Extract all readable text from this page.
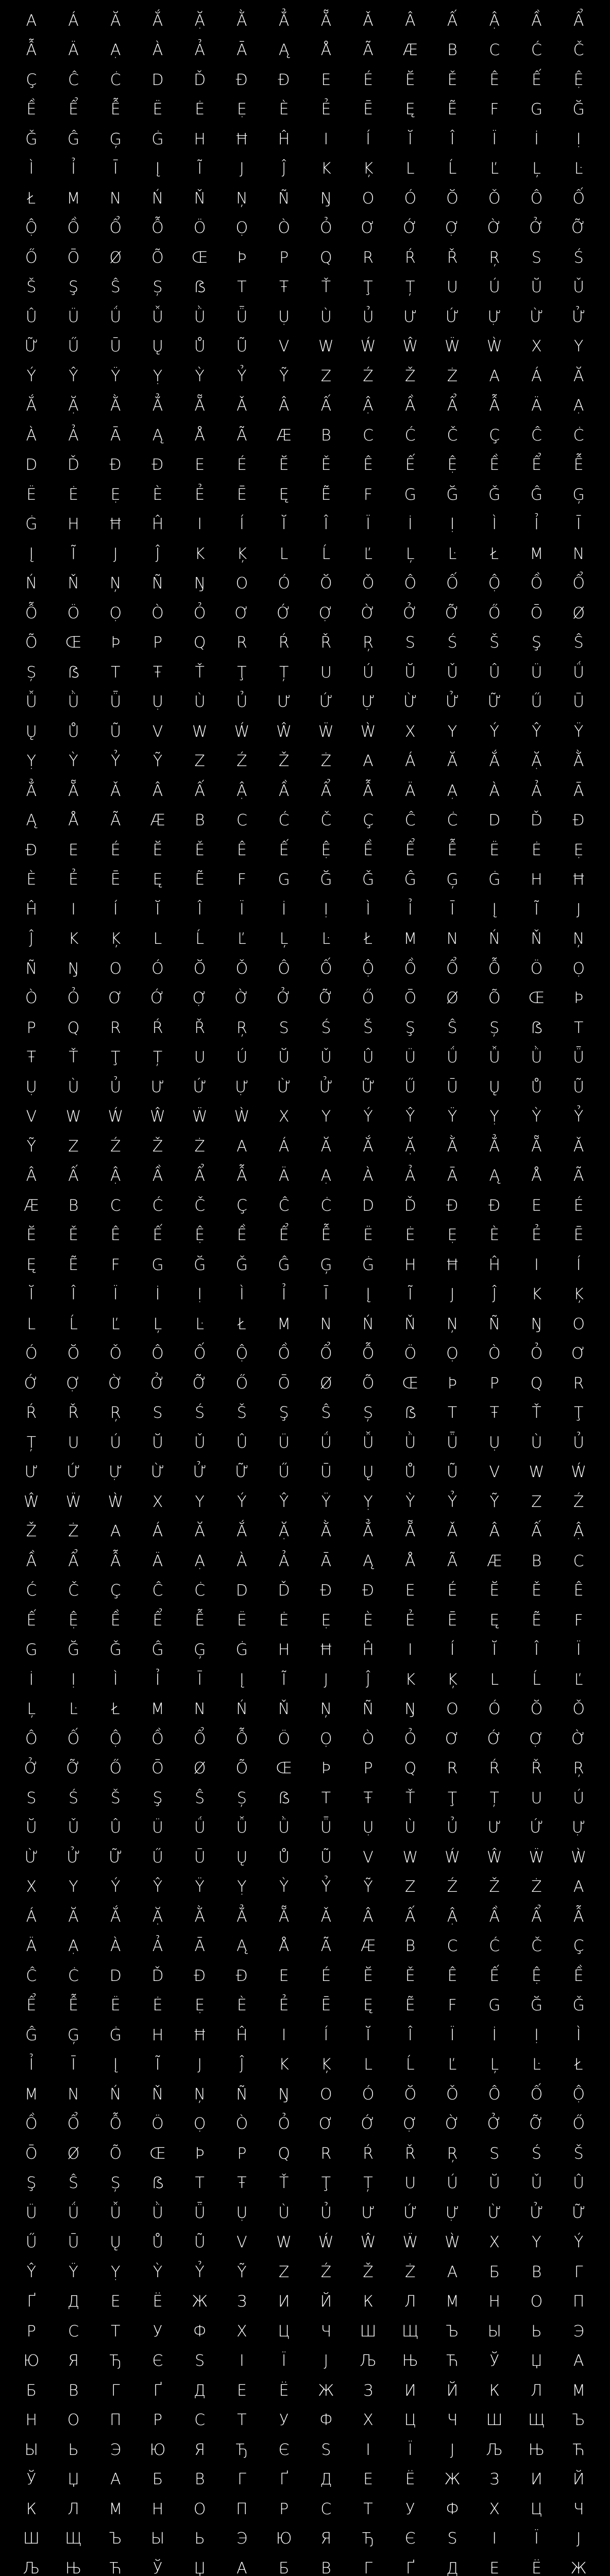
A	Á	Ă	Ắ	Ặ	Ằ	Ẳ	Ẵ	Ǎ	Â	Ấ	Ậ	Ầ	Ẩ
Ẫ	Ä	Ạ	À	Ả	Ā	Ą	Å	Ã	Æ	B	C	Ć	Č
Ç	Ĉ	Ċ	D	Ď	Đ	Ð	E	É	Ĕ	Ě	Ê	Ế	Ệ
Ề	Ể	Ễ	Ë	Ė	Ẹ	È	Ẻ	Ē	Ę	Ẽ	F	G	Ğ
Ǧ	Ĝ	Ģ	Ġ	H	Ħ	Ĥ	I	Í	Ĭ	Î	Ï	İ	Ị
Ì	Ỉ	Ī	Į	Ĩ	J	Ĵ	K	Ķ	L	Ĺ	Ľ	Ļ	Ŀ
Ł	M	N	Ń	Ň	Ņ	Ñ	Ŋ	O	Ó	Ŏ	Ǒ	Ô	Ố
Ộ	Ồ	Ổ	Ỗ	Ö	Ọ	Ò	Ỏ	Ơ	Ớ	Ợ	Ờ	Ở	Ỡ
Ő	Ō	Ø	Õ	Œ	Þ	P	Q	R	Ŕ	Ř	Ŗ	S	Ś
Š	Ş	Ŝ	Ș	ẞ	T	Ŧ	Ť	Ţ	Ț	U	Ú	Ŭ	Ǔ
Û	Ü	Ǘ	Ǚ	Ǜ	Ǖ	Ụ	Ù	Ủ	Ư	Ứ	Ự	Ừ	Ử
Ữ	Ű	Ū	Ų	Ů	Ũ	V	W	Ẃ	Ŵ	Ẅ	Ẁ	X	Y
Ý	Ŷ	Ÿ	Ỵ	Ỳ	Ỷ	Ỹ	Z	Ź	Ž	Ż	A	Á	Ă
Ắ	Ặ	Ằ	Ẳ	Ẵ	Ǎ	Â	Ấ	Ậ	Ầ	Ẩ	Ẫ	Ä	Ạ
À	Ả	Ā	Ą	Å	Ã	Æ	B	C	Ć	Č	Ç	Ĉ	Ċ
D	Ď	Đ	Ð	E	É	Ĕ	Ě	Ê	Ế	Ệ	Ề	Ể	Ễ
Ë	Ė	Ẹ	È	Ẻ	Ē	Ę	Ẽ	F	G	Ğ	Ǧ	Ĝ	Ģ
Ġ	H	Ħ	Ĥ	I	Í	Ĭ	Î	Ï	İ	Ị	Ì	Ỉ	Ī
Į	Ĩ	J	Ĵ	K	Ķ	L	Ĺ	Ľ	Ļ	Ŀ	Ł	M	N
Ń	Ň	Ņ	Ñ	Ŋ	O	Ó	Ŏ	Ǒ	Ô	Ố	Ộ	Ồ	Ổ
Ỗ	Ö	Ọ	Ò	Ỏ	Ơ	Ớ	Ợ	Ờ	Ở	Ỡ	Ő	Ō	Ø
Õ	Œ	Þ	P	Q	R	Ŕ	Ř	Ŗ	S	Ś	Š	Ş	Ŝ
Ș	ẞ	T	Ŧ	Ť	Ţ	Ț	U	Ú	Ŭ	Ǔ	Û	Ü	Ǘ
Ǚ	Ǜ	Ǖ	Ụ	Ù	Ủ	Ư	Ứ	Ự	Ừ	Ử	Ữ	Ű	Ū
Ų	Ů	Ũ	V	W	Ẃ	Ŵ	Ẅ	Ẁ	X	Y	Ý	Ŷ	Ÿ
Ỵ	Ỳ	Ỷ	Ỹ	Z	Ź	Ž	Ż	A	Á	Ă	Ắ	Ặ	Ằ
Ẳ	Ẵ	Ǎ	Â	Ấ	Ậ	Ầ	Ẩ	Ẫ	Ä	Ạ	À	Ả	Ā
Ą	Å	Ã	Æ	B	C	Ć	Č	Ç	Ĉ	Ċ	D	Ď	Đ
Ð	E	É	Ĕ	Ě	Ê	Ế	Ệ	Ề	Ể	Ễ	Ë	Ė	Ẹ
È	Ẻ	Ē	Ę	Ẽ	F	G	Ğ	Ǧ	Ĝ	Ģ	Ġ	H	Ħ
Ĥ	I	Í	Ĭ	Î	Ï	İ	Ị	Ì	Ỉ	Ī	Į	Ĩ	J
Ĵ	K	Ķ	L	Ĺ	Ľ	Ļ	Ŀ	Ł	M	N	Ń	Ň	Ņ
Ñ	Ŋ	O	Ó	Ŏ	Ǒ	Ô	Ố	Ộ	Ồ	Ổ	Ỗ	Ö	Ọ
Ò	Ỏ	Ơ	Ớ	Ợ	Ờ	Ở	Ỡ	Ő	Ō	Ø	Õ	Œ	Þ
P	Q	R	Ŕ	Ř	Ŗ	S	Ś	Š	Ş	Ŝ	Ș	ẞ	T
Ŧ	Ť	Ţ	Ț	U	Ú	Ŭ	Ǔ	Û	Ü	Ǘ	Ǚ	Ǜ	Ǖ
Ụ	Ù	Ủ	Ư	Ứ	Ự	Ừ	Ử	Ữ	Ű	Ū	Ų	Ů	Ũ
V	W	Ẃ	Ŵ	Ẅ	Ẁ	X	Y	Ý	Ŷ	Ÿ	Ỵ	Ỳ	Ỷ
Ỹ	Z	Ź	Ž	Ż	A	Á	Ă	Ắ	Ặ	Ằ	Ẳ	Ẵ	Ǎ
Â	Ấ	Ậ	Ầ	Ẩ	Ẫ	Ä	Ạ	À	Ả	Ā	Ą	Å	Ã
Æ	B	C	Ć	Č	Ç	Ĉ	Ċ	D	Ď	Đ	Ð	E	É
Ĕ	Ě	Ê	Ế	Ệ	Ề	Ể	Ễ	Ë	Ė	Ẹ	È	Ẻ	Ē
Ę	Ẽ	F	G	Ğ	Ǧ	Ĝ	Ģ	Ġ	H	Ħ	Ĥ	I	Í
Ĭ	Î	Ï	İ	Ị	Ì	Ỉ	Ī	Į	Ĩ	J	Ĵ	K	Ķ
L	Ĺ	Ľ	Ļ	Ŀ	Ł	M	N	Ń	Ň	Ņ	Ñ	Ŋ	O
Ó	Ŏ	Ǒ	Ô	Ố	Ộ	Ồ	Ổ	Ỗ	Ö	Ọ	Ò	Ỏ	Ơ
Ớ	Ợ	Ờ	Ở	Ỡ	Ő	Ō	Ø	Õ	Œ	Þ	P	Q	R
Ŕ	Ř	Ŗ	S	Ś	Š	Ş	Ŝ	Ș	ẞ	T	Ŧ	Ť	Ţ
Ț	U	Ú	Ŭ	Ǔ	Û	Ü	Ǘ	Ǚ	Ǜ	Ǖ	Ụ	Ù	Ủ
Ư	Ứ	Ự	Ừ	Ử	Ữ	Ű	Ū	Ų	Ů	Ũ	V	W	Ẃ
Ŵ	Ẅ	Ẁ	X	Y	Ý	Ŷ	Ÿ	Ỵ	Ỳ	Ỷ	Ỹ	Z	Ź
Ž	Ż	A	Á	Ă	Ắ	Ặ	Ằ	Ẳ	Ẵ	Ǎ	Â	Ấ	Ậ
Ầ	Ẩ	Ẫ	Ä	Ạ	À	Ả	Ā	Ą	Å	Ã	Æ	B	C
Ć	Č	Ç	Ĉ	Ċ	D	Ď	Đ	Ð	E	É	Ĕ	Ě	Ê
Ế	Ệ	Ề	Ể	Ễ	Ë	Ė	Ẹ	È	Ẻ	Ē	Ę	Ẽ	F
G	Ğ	Ǧ	Ĝ	Ģ	Ġ	H	Ħ	Ĥ	I	Í	Ĭ	Î	Ï
İ	Ị	Ì	Ỉ	Ī	Į	Ĩ	J	Ĵ	K	Ķ	L	Ĺ	Ľ
Ļ	Ŀ	Ł	M	N	Ń	Ň	Ņ	Ñ	Ŋ	O	Ó	Ŏ	Ǒ
Ô	Ố	Ộ	Ồ	Ổ	Ỗ	Ö	Ọ	Ò	Ỏ	Ơ	Ớ	Ợ	Ờ
Ở	Ỡ	Ő	Ō	Ø	Õ	Œ	Þ	P	Q	R	Ŕ	Ř	Ŗ
S	Ś	Š	Ş	Ŝ	Ș	ẞ	T	Ŧ	Ť	Ţ	Ț	U	Ú
Ŭ	Ǔ	Û	Ü	Ǘ	Ǚ	Ǜ	Ǖ	Ụ	Ù	Ủ	Ư	Ứ	Ự
Ừ	Ử	Ữ	Ű	Ū	Ų	Ů	Ũ	V	W	Ẃ	Ŵ	Ẅ	Ẁ
X	Y	Ý	Ŷ	Ÿ	Ỵ	Ỳ	Ỷ	Ỹ	Z	Ź	Ž	Ż	A
Á	Ă	Ắ	Ặ	Ằ	Ẳ	Ẵ	Ǎ	Â	Ấ	Ậ	Ầ	Ẩ	Ẫ
Ä	Ạ	À	Ả	Ā	Ą	Å	Ã	Æ	B	C	Ć	Č	Ç
Ĉ	Ċ	D	Ď	Đ	Ð	E	É	Ĕ	Ě	Ê	Ế	Ệ	Ề
Ể	Ễ	Ë	Ė	Ẹ	È	Ẻ	Ē	Ę	Ẽ	F	G	Ğ	Ǧ
Ĝ	Ģ	Ġ	H	Ħ	Ĥ	I	Í	Ĭ	Î	Ï	İ	Ị	Ì
Ỉ	Ī	Į	Ĩ	J	Ĵ	K	Ķ	L	Ĺ	Ľ	Ļ	Ŀ	Ł
M	N	Ń	Ň	Ņ	Ñ	Ŋ	O	Ó	Ŏ	Ǒ	Ô	Ố	Ộ
Ồ	Ổ	Ỗ	Ö	Ọ	Ò	Ỏ	Ơ	Ớ	Ợ	Ờ	Ở	Ỡ	Ő
Ō	Ø	Õ	Œ	Þ	P	Q	R	Ŕ	Ř	Ŗ	S	Ś	Š
Ş	Ŝ	Ș	ẞ	T	Ŧ	Ť	Ţ	Ț	U	Ú	Ŭ	Ǔ	Û
Ü	Ǘ	Ǚ	Ǜ	Ǖ	Ụ	Ù	Ủ	Ư	Ứ	Ự	Ừ	Ử	Ữ
Ű	Ū	Ų	Ů	Ũ	V	W	Ẃ	Ŵ	Ẅ	Ẁ	X	Y	Ý
Ŷ	Ÿ	Ỵ	Ỳ	Ỷ	Ỹ	Z	Ź	Ž	Ż	А	Б	В	Г
Ґ	Д	Е	Ё	Ж	З	И	Й	К	Л	М	Н	О	П
Р	С	Т	У	Ф	Х	Ц	Ч	Ш	Щ	Ъ	Ы	Ь	Э
Ю	Я	Ђ	Є	Ѕ	І	Ї	Ј	Љ	Њ	Ћ	Ў	Џ	А
Б	В	Г	Ґ	Д	Е	Ё	Ж	З	И	Й	К	Л	М
Н	О	П	Р	С	Т	У	Ф	Х	Ц	Ч	Ш	Щ	Ъ
Ы	Ь	Э	Ю	Я	Ђ	Є	Ѕ	І	Ї	Ј	Љ	Њ	Ћ
Ў	Џ	А	Б	В	Г	Ґ	Д	Е	Ё	Ж	З	И	Й
К	Л	М	Н	О	П	Р	С	Т	У	Ф	Х	Ц	Ч
Ш	Щ	Ъ	Ы	Ь	Э	Ю	Я	Ђ	Є	Ѕ	І	Ї	Ј
Љ	Њ	Ћ	Ў	Џ	А	Б	В	Г	Ґ	Д	Е	Ё	Ж
